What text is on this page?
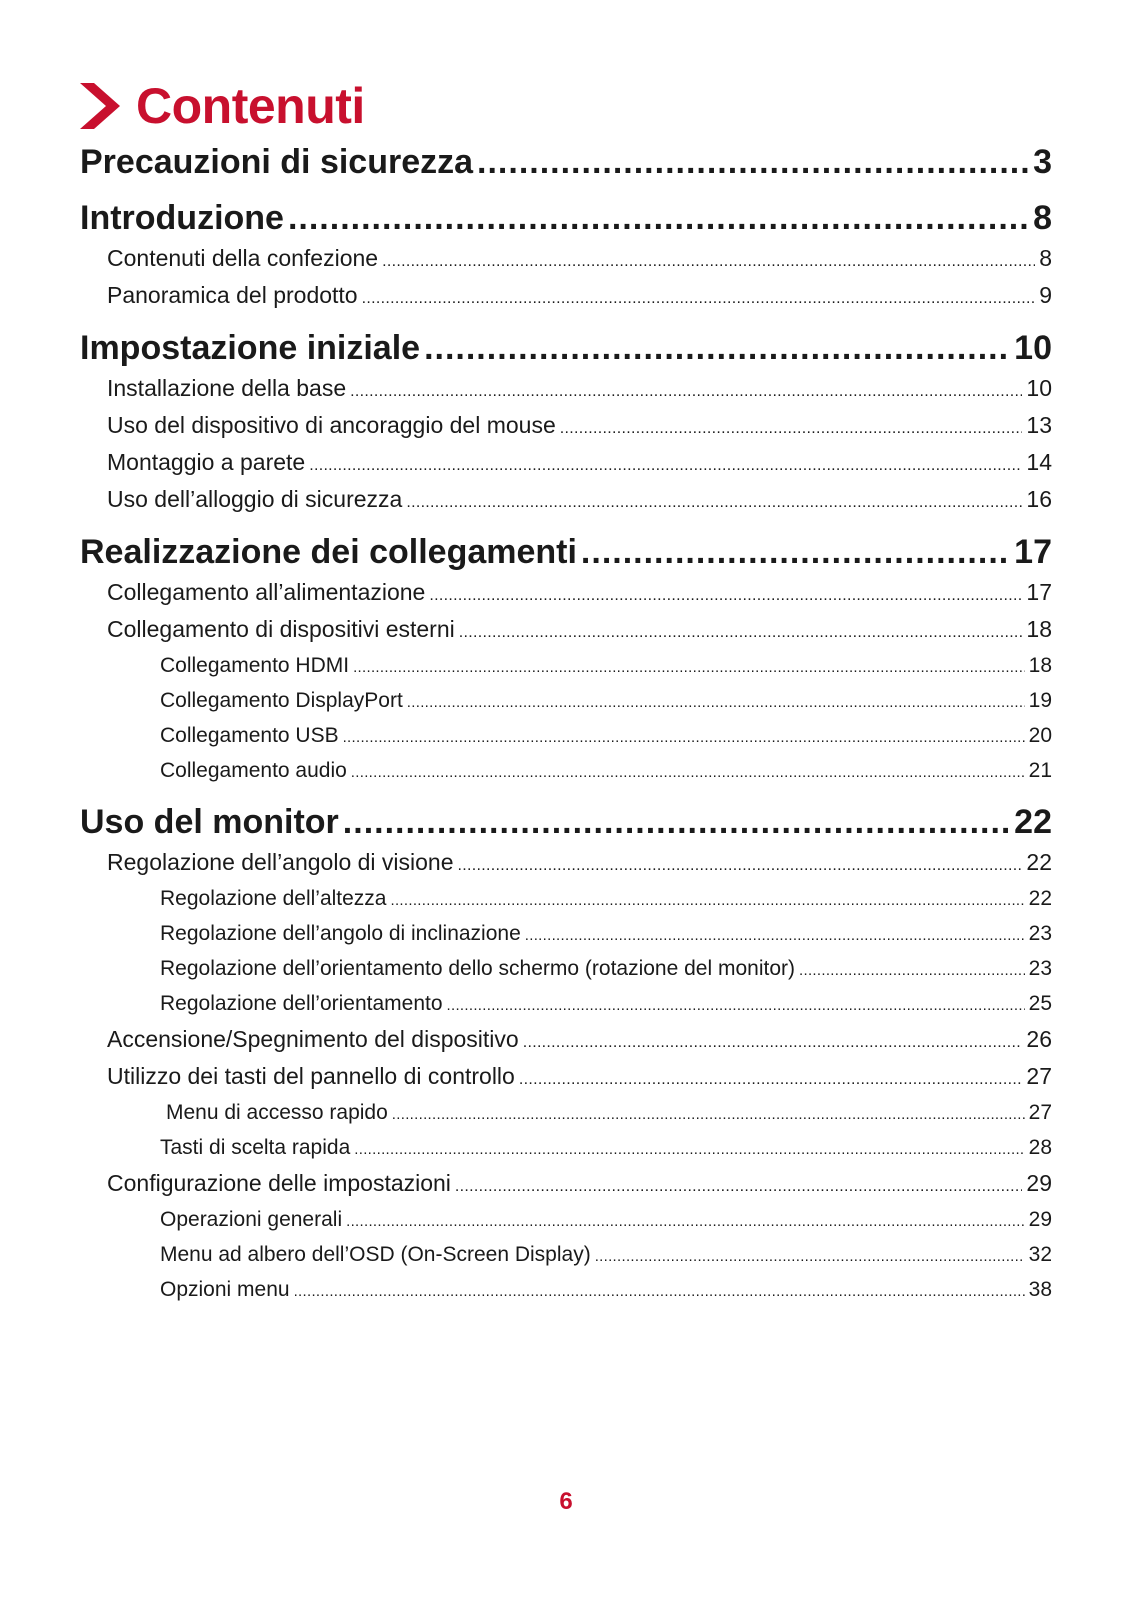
Contenuti
Precauzioni di sicurezza .....	3
Introduzione .....	8
Contenuti della confezione .....	8
Panoramica del prodotto .....	9
Impostazione iniziale .....	10
Installazione della base .....	10
Uso del dispositivo di ancoraggio del mouse .....	13
Montaggio a parete .....	14
Uso dell’alloggio di sicurezza .....	16
Realizzazione dei collegamenti .....	17
Collegamento all’alimentazione .....	17
Collegamento di dispositivi esterni .....	18
Collegamento HDMI .....	18
Collegamento DisplayPort .....	19
Collegamento USB .....	20
Collegamento audio .....	21
Uso del monitor .....	22
Regolazione dell’angolo di visione .....	22
Regolazione dell’altezza .....	22
Regolazione dell’angolo di inclinazione .....	23
Regolazione dell’orientamento dello schermo (rotazione del monitor) .....	23
Regolazione dell’orientamento .....	25
Accensione/Spegnimento del dispositivo .....	26
Utilizzo dei tasti del pannello di controllo .....	27
Menu di accesso rapido .....	27
Tasti di scelta rapida .....	28
Configurazione delle impostazioni .....	29
Operazioni generali .....	29
Menu ad albero dell’OSD (On-Screen Display) .....	32
Opzioni menu .....	38
6
